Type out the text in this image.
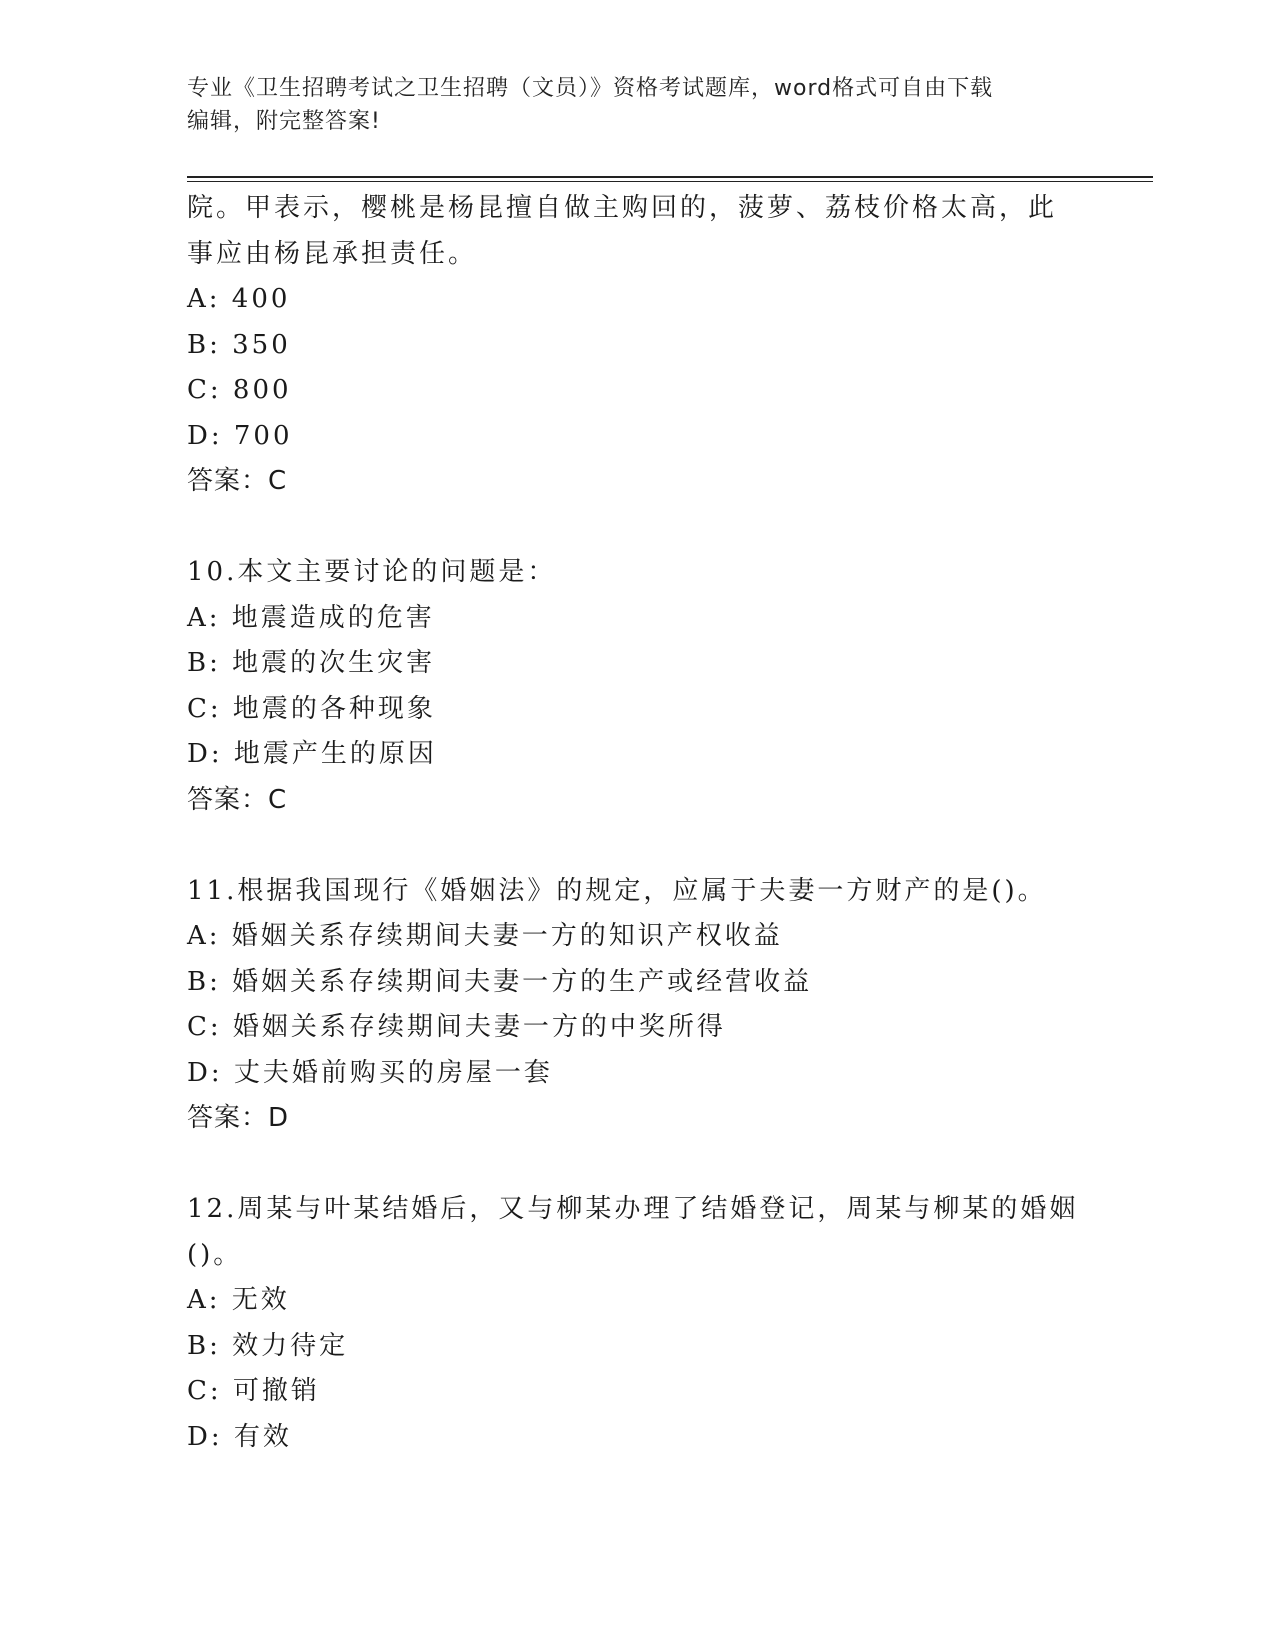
专业《卫生招聘考试之卫生招聘（文员）》资格考试题库，word格式可自由下载
编辑，附完整答案!
院。甲表示，樱桃是杨昆擅自做主购回的，菠萝、荔枝价格太高，此
事应由杨昆承担责任。
A: 400
B: 350
C: 800
D: 700
答案：C
10.本文主要讨论的问题是：
A: 地震造成的危害
B: 地震的次生灾害
C: 地震的各种现象
D: 地震产生的原因
答案：C
11.根据我国现行《婚姻法》的规定，应属于夫妻一方财产的是()。
A: 婚姻关系存续期间夫妻一方的知识产权收益
B: 婚姻关系存续期间夫妻一方的生产或经营收益
C: 婚姻关系存续期间夫妻一方的中奖所得
D: 丈夫婚前购买的房屋一套
答案：D
12.周某与叶某结婚后，又与柳某办理了结婚登记，周某与柳某的婚姻
()。
A: 无效
B: 效力待定
C: 可撤销
D: 有效
